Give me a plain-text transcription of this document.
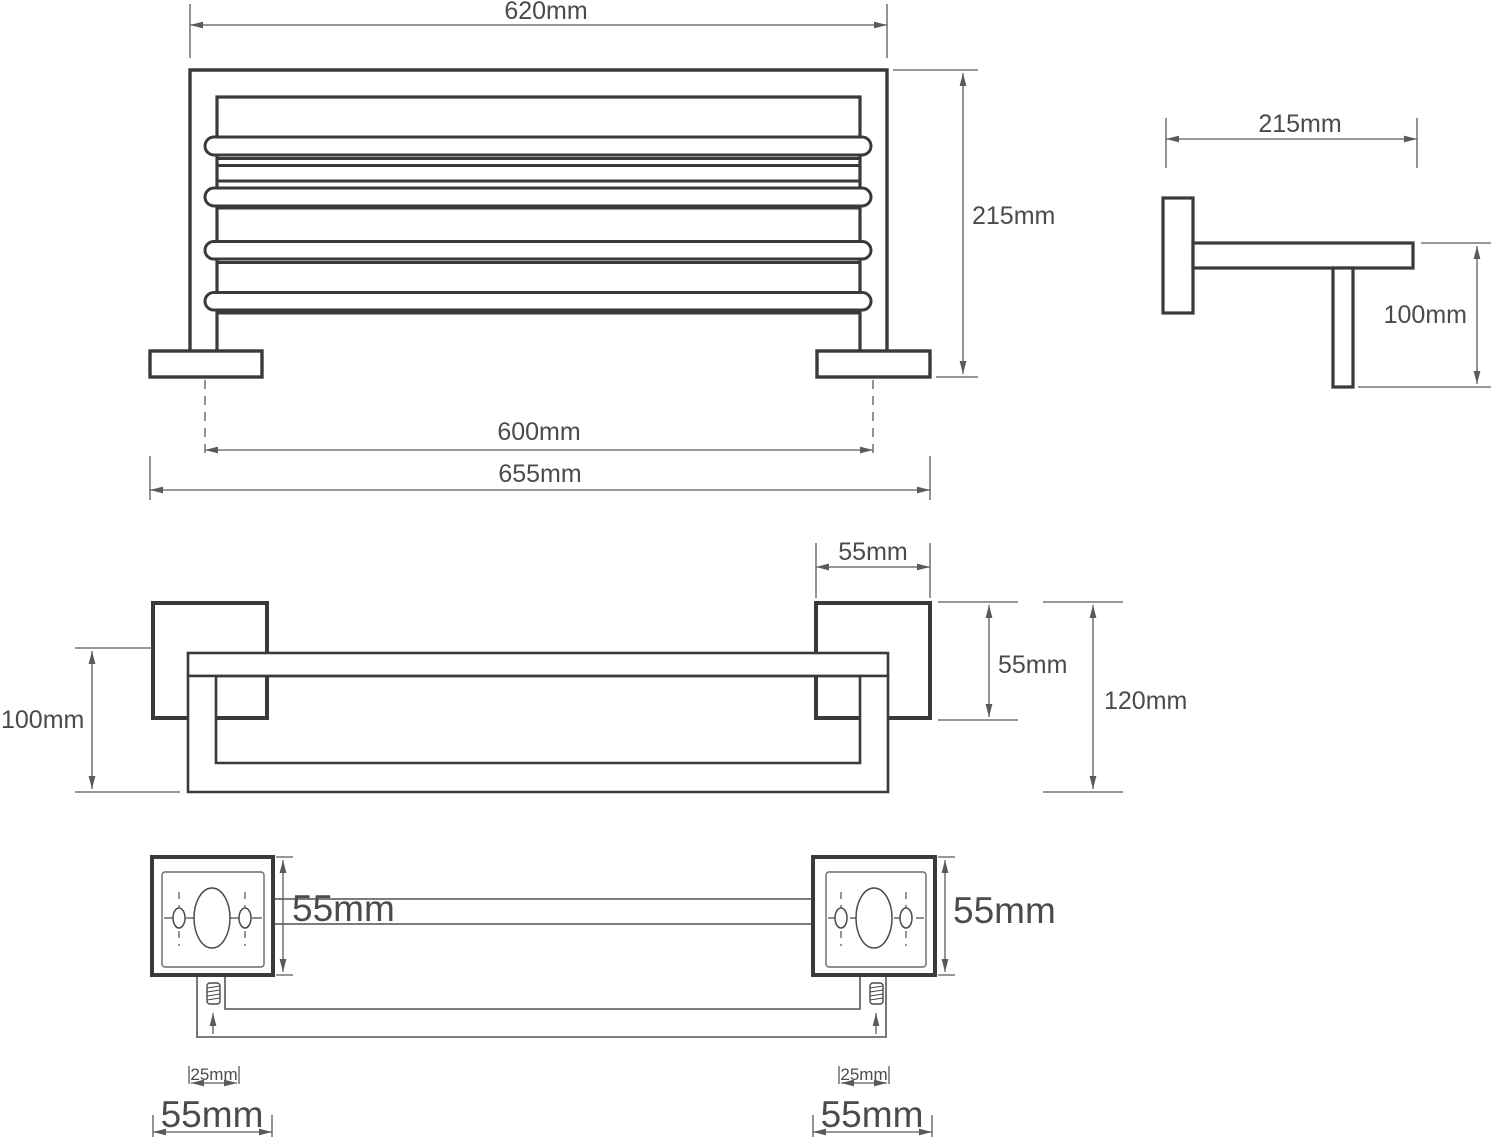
620mm
215mm
600mm
655mm
215mm
100mm
55mm
55mm
120mm
100mm
55mm	55mm
25mm	25mm
55mm	55mm
